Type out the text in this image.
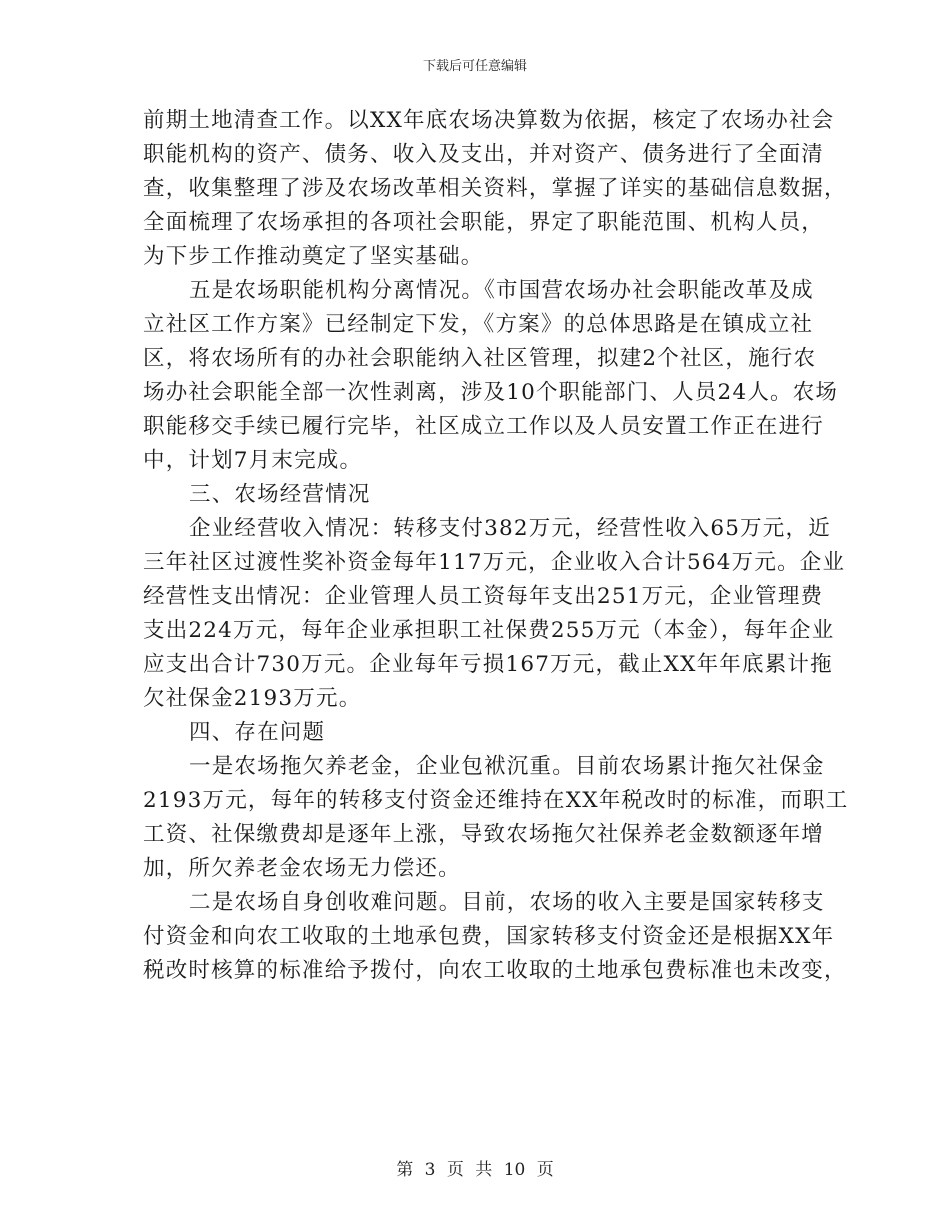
下载后可任意编辑
前期土地清查工作。以XX年底农场决算数为依据，核定了农场办社会
职能机构的资产、债务、收入及支出，并对资产、债务进行了全面清
查，收集整理了涉及农场改革相关资料，掌握了详实的基础信息数据，
全面梳理了农场承担的各项社会职能，界定了职能范围、机构人员，
为下步工作推动奠定了坚实基础。
五是农场职能机构分离情况。《市国营农场办社会职能改革及成
立社区工作方案》已经制定下发，《方案》的总体思路是在镇成立社
区，将农场所有的办社会职能纳入社区管理，拟建2个社区，施行农
场办社会职能全部一次性剥离，涉及10个职能部门、人员24人。农场
职能移交手续已履行完毕，社区成立工作以及人员安置工作正在进行
中，计划7月末完成。
三、农场经营情况
企业经营收入情况：转移支付382万元，经营性收入65万元，近
三年社区过渡性奖补资金每年117万元，企业收入合计564万元。企业
经营性支出情况：企业管理人员工资每年支出251万元，企业管理费
支出224万元，每年企业承担职工社保费255万元（本金），每年企业
应支出合计730万元。企业每年亏损167万元，截止XX年年底累计拖
欠社保金2193万元。
四、存在问题
一是农场拖欠养老金，企业包袱沉重。目前农场累计拖欠社保金
2193万元，每年的转移支付资金还维持在XX年税改时的标准，而职工
工资、社保缴费却是逐年上涨，导致农场拖欠社保养老金数额逐年增
加，所欠养老金农场无力偿还。
二是农场自身创收难问题。目前，农场的收入主要是国家转移支
付资金和向农工收取的土地承包费，国家转移支付资金还是根据XX年
税改时核算的标准给予拨付，向农工收取的土地承包费标准也未改变，
第 3 页 共 10 页
